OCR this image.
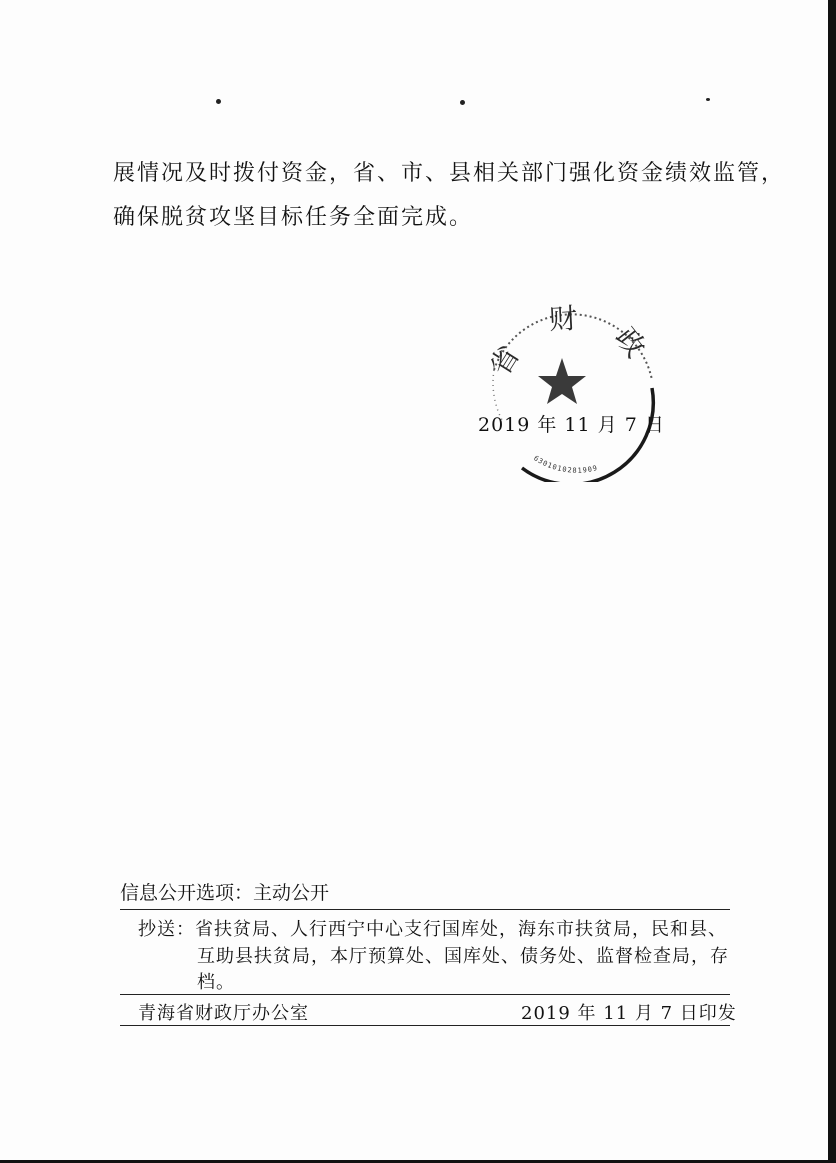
展情况及时拨付资金，省、市、县相关部门强化资金绩效监管，
确保脱贫攻坚目标任务全面完成。
省 财 政
6301010281909
2019 年 11 月 7 日
信息公开选项：主动公开
抄送：省扶贫局、人行西宁中心支行国库处，海东市扶贫局，民和县、
互助县扶贫局，本厅预算处、国库处、债务处、监督检查局，存
档。
青海省财政厅办公室	2019 年 11 月 7 日印发
